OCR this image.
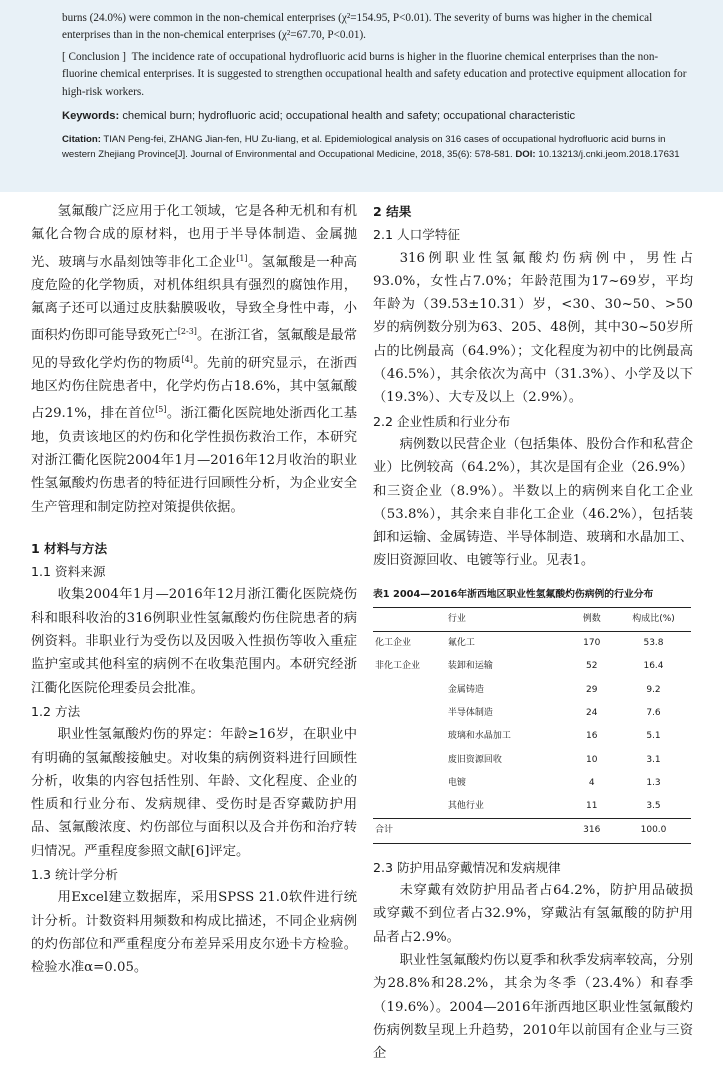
burns (24.0%) were common in the non-chemical enterprises (χ²=154.95, P<0.01). The severity of burns was higher in the chemical
enterprises than in the non-chemical enterprises (χ²=67.70, P<0.01).

[ Conclusion ] The incidence rate of occupational hydrofluoric acid burns is higher in the fluorine chemical enterprises than the non-fluorine chemical enterprises. It is suggested to strengthen occupational health and safety education and protective equipment allocation for high-risk workers.

Keywords: chemical burn; hydrofluoric acid; occupational health and safety; occupational characteristic

Citation: TIAN Peng-fei, ZHANG Jian-fen, HU Zu-liang, et al. Epidemiological analysis on 316 cases of occupational hydrofluoric acid burns in western Zhejiang Province[J]. Journal of Environmental and Occupational Medicine, 2018, 35(6): 578-581. DOI: 10.13213/j.cnki.jeom.2018.17631

氢氟酸广泛应用于化工领域，它是各种无机和有机氟化合物合成的原材料，也用于半导体制造、金属抛光、玻璃与水晶刻蚀等非化工企业[1]。氢氟酸是一种高度危险的化学物质，对机体组织具有强烈的腐蚀作用，氟离子还可以通过皮肤黏膜吸收，导致全身性中毒，小面积灼伤即可能导致死亡[2-3]。在浙江省，氢氟酸是最常见的导致化学灼伤的物质[4]。先前的研究显示，在浙西地区灼伤住院患者中，化学灼伤占18.6%，其中氢氟酸占29.1%，排在首位[5]。浙江衢化医院地处浙西化工基地，负责该地区的灼伤和化学性损伤救治工作，本研究对浙江衢化医院2004年1月—2016年12月收治的职业性氢氟酸灼伤患者的特征进行回顾性分析，为企业安全生产管理和制定防控对策提供依据。

1 材料与方法

1.1 资料来源

收集2004年1月—2016年12月浙江衢化医院烧伤科和眼科收治的316例职业性氢氟酸灼伤住院患者的病例资料。非职业行为受伤以及因吸入性损伤等收入重症监护室或其他科室的病例不在收集范围内。本研究经浙江衢化医院伦理委员会批准。

1.2 方法

职业性氢氟酸灼伤的界定：年龄≥16岁，在职业中有明确的氢氟酸接触史。对收集的病例资料进行回顾性分析，收集的内容包括性别、年龄、文化程度、企业的性质和行业分布、发病规律、受伤时是否穿戴防护用品、氢氟酸浓度、灼伤部位与面积以及合并伤和治疗转归情况。严重程度参照文献[6]评定。

1.3 统计学分析

用Excel建立数据库，采用SPSS 21.0软件进行统计分析。计数资料用频数和构成比描述，不同企业病例的灼伤部位和严重程度分布差异采用皮尔逊卡方检验。检验水准α=0.05。

2 结果

2.1 人口学特征

316例职业性氢氟酸灼伤病例中，男性占93.0%，女性占7.0%；年龄范围为17~69岁，平均年龄为（39.53±10.31）岁，<30、30~50、>50岁的病例数分别为63、205、48例，其中30~50岁所占的比例最高（64.9%）；文化程度为初中的比例最高（46.5%），其余依次为高中（31.3%）、小学及以下（19.3%）、大专及以上（2.9%）。

2.2 企业性质和行业分布

病例数以民营企业（包括集体、股份合作和私营企业）比例较高（64.2%），其次是国有企业（26.9%）和三资企业（8.9%）。半数以上的病例来自化工企业（53.8%），其余来自非化工企业（46.2%），包括装卸和运输、金属铸造、半导体制造、玻璃和水晶加工、废旧资源回收、电镀等行业。见表1。

表1 2004—2016年浙西地区职业性氢氟酸灼伤病例的行业分布

	行业	例数	构成比(%)
化工企业	氟化工	170	53.8
非化工企业	装卸和运输	52	16.4
	金属铸造	29	9.2
	半导体制造	24	7.6
	玻璃和水晶加工	16	5.1
	废旧资源回收	10	3.1
	电镀	4	1.3
	其他行业	11	3.5
合计		316	100.0

2.3 防护用品穿戴情况和发病规律

未穿戴有效防护用品者占64.2%，防护用品破损或穿戴不到位者占32.9%，穿戴沾有氢氟酸的防护用品者占2.9%。

职业性氢氟酸灼伤以夏季和秋季发病率较高，分别为28.8%和28.2%，其余为冬季（23.4%）和春季（19.6%）。2004—2016年浙西地区职业性氢氟酸灼伤病例数呈现上升趋势，2010年以前国有企业与三资企
